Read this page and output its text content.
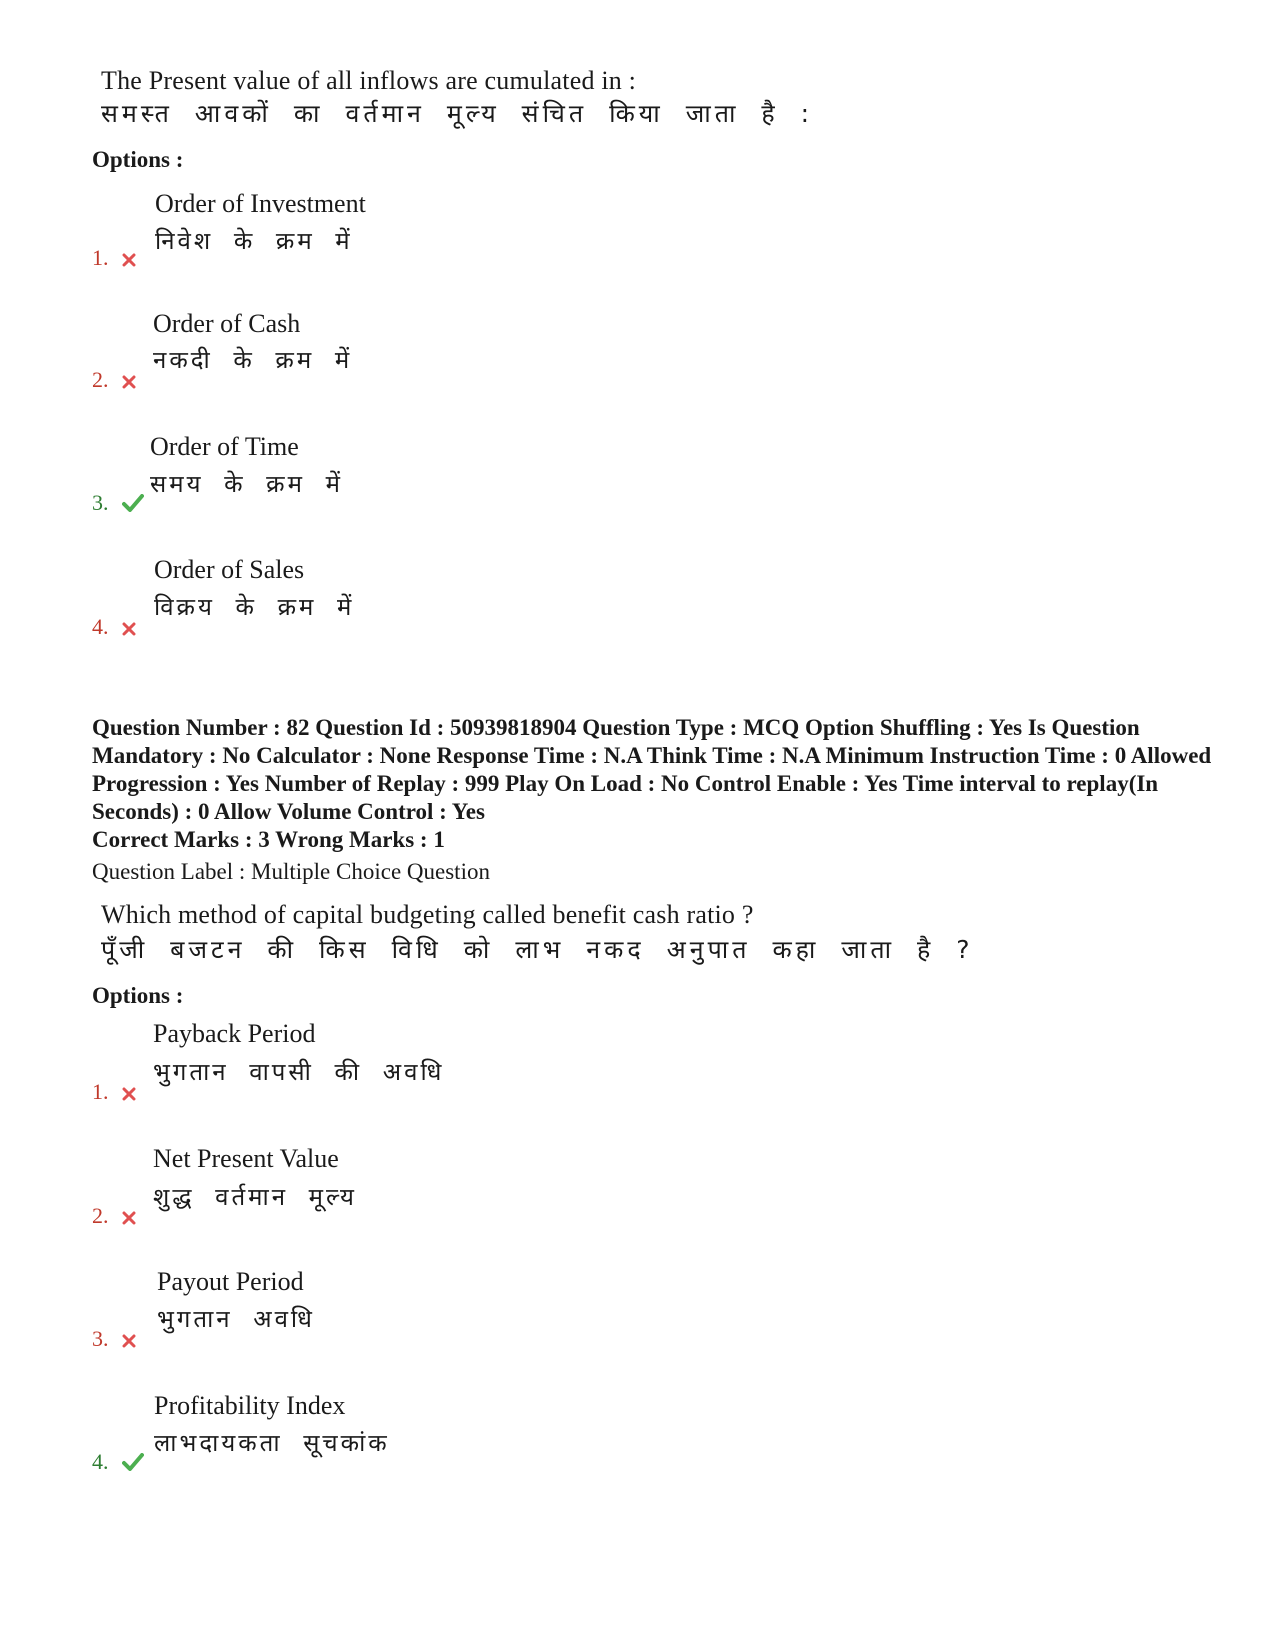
The Present value of all inflows are cumulated in :
समस्त आवकों का वर्तमान मूल्य संचित किया जाता है :
Options :
Order of Investment
निवेश के क्रम में
1.
Order of Cash
नकदी के क्रम में
2.
Order of Time
समय के क्रम में
3.
Order of Sales
विक्रय के क्रम में
4.
Question Number : 82 Question Id : 50939818904 Question Type : MCQ Option Shuffling : Yes Is Question Mandatory : No Calculator : None Response Time : N.A Think Time : N.A Minimum Instruction Time : 0 Allowed Progression : Yes Number of Replay : 999 Play On Load : No Control Enable : Yes Time interval to replay(In Seconds) : 0 Allow Volume Control : Yes
Correct Marks : 3 Wrong Marks : 1
Question Label : Multiple Choice Question
Which method of capital budgeting called benefit cash ratio ?
पूँजी बजटन की किस विधि को लाभ नकद अनुपात कहा जाता है ?
Options :
Payback Period
भुगतान वापसी की अवधि
1.
Net Present Value
शुद्ध वर्तमान मूल्य
2.
Payout Period
भुगतान अवधि
3.
Profitability Index
लाभदायकता सूचकांक
4.
